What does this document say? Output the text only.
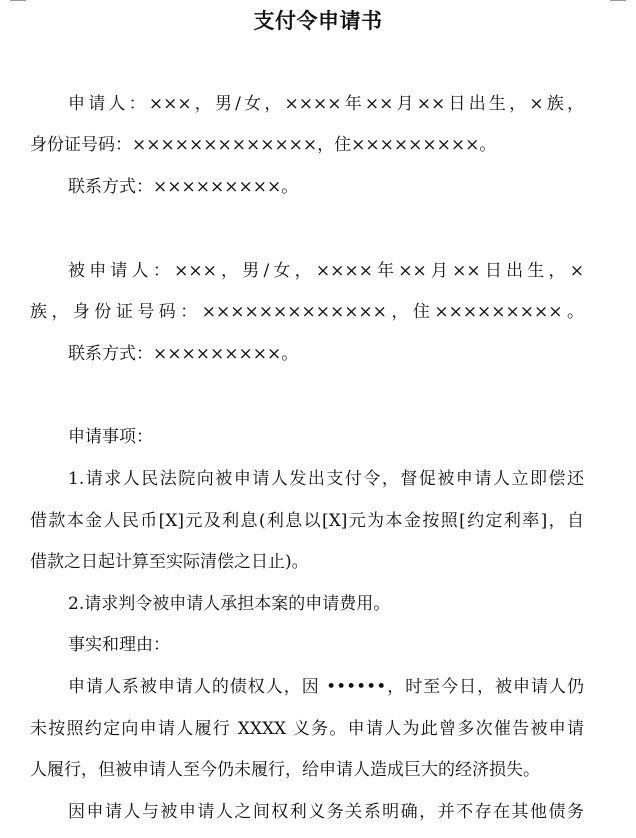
支付令申请书
申请人：×××，男/女，××××年××月××日出生，×族，
身份证号码：×××××××××××××，住×××××××××。
联系方式：×××××××××。
被申请人：×××，男/女，××××年××月××日出生，×
族，身份证号码：×××××××××××××，住×××××××××。
联系方式：×××××××××。
申请事项：
1.请求人民法院向被申请人发出支付令，督促被申请人立即偿还
借款本金人民币[X]元及利息(利息以[X]元为本金按照[约定利率]，自
借款之日起计算至实际清偿之日止)。
2.请求判令被申请人承担本案的申请费用。
事实和理由：
申请人系被申请人的债权人，因 ••••••，时至今日，被申请人仍
未按照约定向申请人履行 XXXX 义务。申请人为此曾多次催告被申请
人履行，但被申请人至今仍未履行，给申请人造成巨大的经济损失。
因申请人与被申请人之间权利义务关系明确，并不存在其他债务
